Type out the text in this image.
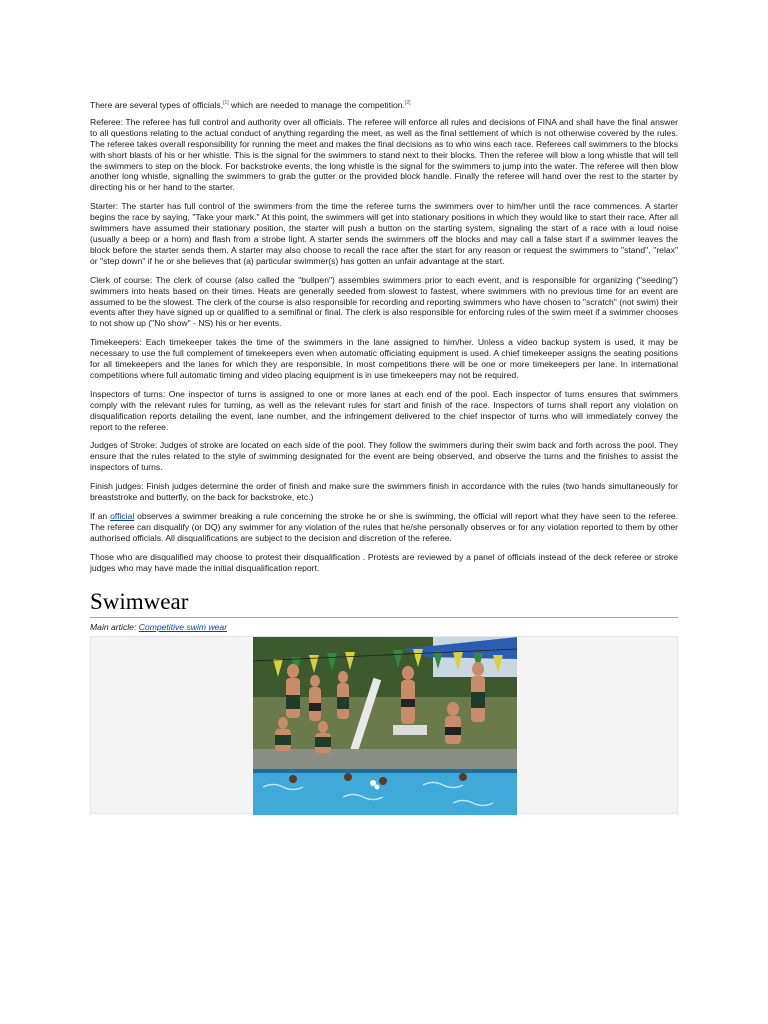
There are several types of officials,[1] which are needed to manage the competition.[2]

Referee: The referee has full control and authority over all officials. The referee will enforce all rules and decisions of FINA and shall have the final answer to all questions relating to the actual conduct of anything regarding the meet, as well as the final settlement of which is not otherwise covered by the rules. The referee takes overall responsibility for running the meet and makes the final decisions as to who wins each race. Referees call swimmers to the blocks with short blasts of his or her whistle. This is the signal for the swimmers to stand next to their blocks. Then the referee will blow a long whistle that will tell the swimmers to step on the block. For backstroke events, the long whistle is the signal for the swimmers to jump into the water. The referee will then blow another long whistle, signalling the swimmers to grab the gutter or the provided block handle. Finally the referee will hand over the rest to the starter by directing his or her hand to the starter.

Starter: The starter has full control of the swimmers from the time the referee turns the swimmers over to him/her until the race commences. A starter begins the race by saying, "Take your mark." At this point, the swimmers will get into stationary positions in which they would like to start their race. After all swimmers have assumed their stationary position, the starter will push a button on the starting system, signaling the start of a race with a loud noise (usually a beep or a horn) and flash from a strobe light. A starter sends the swimmers off the blocks and may call a false start if a swimmer leaves the block before the starter sends them. A starter may also choose to recall the race after the start for any reason or request the swimmers to "stand", "relax" or "step down" if he or she believes that (a) particular swimmer(s) has gotten an unfair advantage at the start.

Clerk of course: The clerk of course (also called the "bullpen") assembles swimmers prior to each event, and is responsible for organizing ("seeding") swimmers into heats based on their times. Heats are generally seeded from slowest to fastest, where swimmers with no previous time for an event are assumed to be the slowest. The clerk of the course is also responsible for recording and reporting swimmers who have chosen to "scratch" (not swim) their events after they have signed up or qualified to a semifinal or final. The clerk is also responsible for enforcing rules of the swim meet if a swimmer chooses to not show up ("No show" - NS) his or her events.

Timekeepers: Each timekeeper takes the time of the swimmers in the lane assigned to him/her. Unless a video backup system is used, it may be necessary to use the full complement of timekeepers even when automatic officiating equipment is used. A chief timekeeper assigns the seating positions for all timekeepers and the lanes for which they are responsible. In most competitions there will be one or more timekeepers per lane. In international competitions where full automatic timing and video placing equipment is in use timekeepers may not be required.

Inspectors of turns: One inspector of turns is assigned to one or more lanes at each end of the pool. Each inspector of turns ensures that swimmers comply with the relevant rules for turning, as well as the relevant rules for start and finish of the race. Inspectors of turns shall report any violation on disqualification reports detailing the event, lane number, and the infringement delivered to the chief inspector of turns who will immediately convey the report to the referee.

Judges of Stroke: Judges of stroke are located on each side of the pool. They follow the swimmers during their swim back and forth across the pool. They ensure that the rules related to the style of swimming designated for the event are being observed, and observe the turns and the finishes to assist the inspectors of turns.

Finish judges: Finish judges determine the order of finish and make sure the swimmers finish in accordance with the rules (two hands simultaneously for breaststroke and butterfly, on the back for backstroke, etc.)

If an official observes a swimmer breaking a rule concerning the stroke he or she is swimming, the official will report what they have seen to the referee. The referee can disqualify (or DQ) any swimmer for any violation of the rules that he/she personally observes or for any violation reported to them by other authorised officials. All disqualifications are subject to the decision and discretion of the referee.

Those who are disqualified may choose to protest their disqualification . Protests are reviewed by a panel of officials instead of the deck referee or stroke judges who may have made the initial disqualification report.

Swimwear
Main article: Competitive swim wear
